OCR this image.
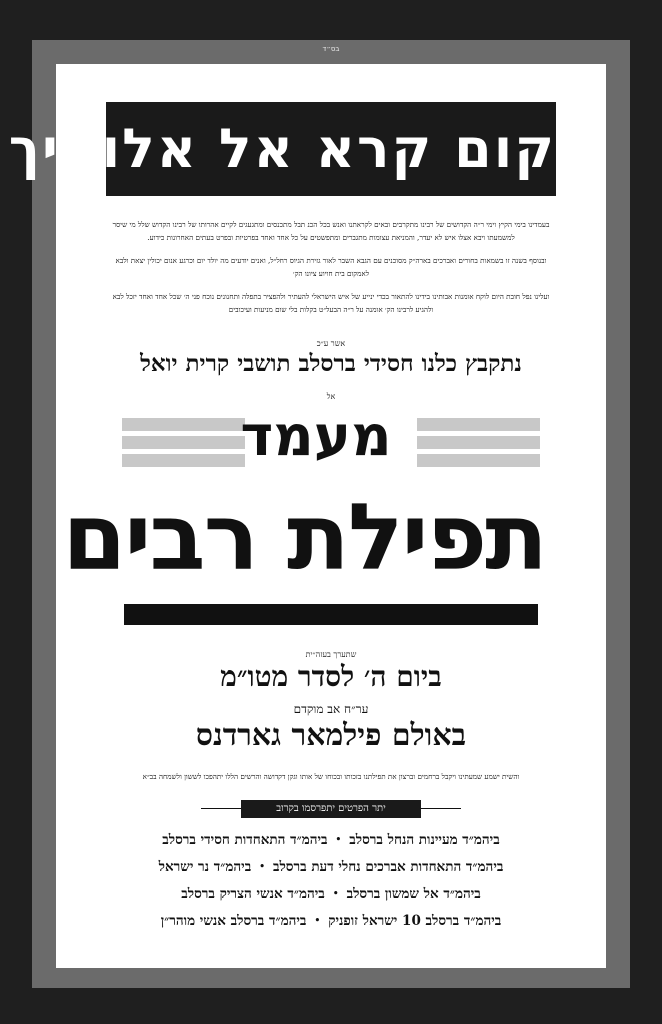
בס״ד
קום קרא אל אלוקיך
בעמדינו בימי הקיץ וימי ר״ה הקדושים של רבינו מתקרבים ובאים לקראתנו ואנש בכל הכנ תבל מתכנסים ומתגעגים לקיים אהרותו של רבינו הקדוש שלל מי שיסר למשמעתו ויבא אצלו איש לא יעדר, והמניאת עצומות מתגברים ומתפשטים על כל אחד ואחד בפרטיות ובפרט בעתים האחרונות כידוע.
ובנוסף בשנה זו בשמאות בחורים ואברכים בארה״ק מסוכנים עם הגבא השבר לאור גזירת הגיוס רחל״ל, ואנים יודעים מה יולד יום וכרגע אנום יכולין יצאת ולבא לאמקום בית חויוע ציונו הק׳
ועלינו נפל חובת היום לוקח אומנות אבותינו בידינו להתאור בכדי ינייע של איש הישראלי להעתיר ולהפציר בתפלה ותחנונים נוכח פני ה׳ שכל אחד ואחד יזכל לבא ולהגיע לרבינו הק׳ אומנה על ר״ה הבעל״ט בקלות בלי שום מניעות ועיכובים
אשר ע״כ
נתקבץ כלנו חסידי ברסלב תושבי קרית יואל
אל
מעמד
תפילת רבים
שתערך בעזה״ית
ביום ה׳ לסדר מטו״מ
ער״ח אב מוקדם
באולם פילמאר גארדנס
והשית ישמע שמעתינו ויקבל ברחמים וברצון את תפילתנו בזכותו ובכוחו של אותו וגקן דקדושה והרשים הללו יתהפכו לששון ולשמחה בב״א
יתר הפרטים יתפרסמו בקרוב
ביהמ״ד מעיינות הנחל ברסלב
•
ביהמ״ד התאחדות חסידי ברסלב
ביהמ״ד התאחדות אברכים נחלי דעת ברסלב
•
ביהמ״ד נר ישראל
ביהמ״ד אל שמשון ברסלב
•
ביהמ״ד אנשי הצריק ברסלב
ביהמ״ד ברסלב 10 ישראל זופניק
•
ביהמ״ד ברסלב אנשי מוהר״ן
